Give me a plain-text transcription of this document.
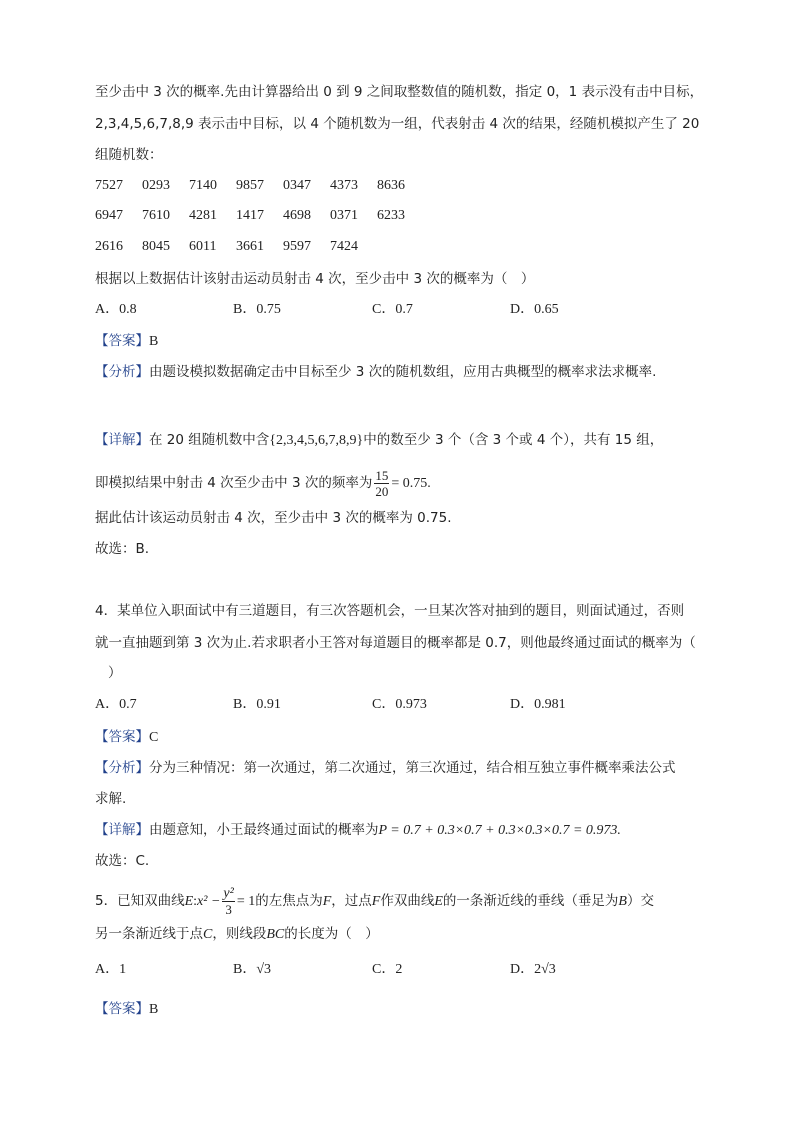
至少击中 3 次的概率.先由计算器给出 0 到 9 之间取整数值的随机数，指定 0，1 表示没有击中目标，
2,3,4,5,6,7,8,9 表示击中目标，以 4 个随机数为一组，代表射击 4 次的结果，经随机模拟产生了 20
组随机数：
7527 0293 7140 9857 0347 4373 8636
6947 7610 4281 1417 4698 0371 6233
2616 8045 6011 3661 9597 7424
根据以上数据估计该射击运动员射击 4 次，至少击中 3 次的概率为（　）
A．0.8	B．0.75	C．0.7	D．0.65
【答案】B
【分析】由题设模拟数据确定击中目标至少 3 次的随机数组，应用古典概型的概率求法求概率.
【详解】在 20 组随机数中含{2,3,4,5,6,7,8,9}中的数至少 3 个（含 3 个或 4 个），共有 15 组，
即模拟结果中射击 4 次至少击中 3 次的频率为 $\frac{15}{20} = 0.75$.
据此估计该运动员射击 4 次，至少击中 3 次的概率为 0.75.
故选：B.
4．某单位入职面试中有三道题目，有三次答题机会，一旦某次答对抽到的题目，则面试通过，否则
就一直抽题到第 3 次为止.若求职者小王答对每道题目的概率都是 0.7，则他最终通过面试的概率为（
）
A．0.7	B．0.91	C．0.973	D．0.981
【答案】C
【分析】分为三种情况：第一次通过，第二次通过，第三次通过，结合相互独立事件概率乘法公式
求解.
【详解】由题意知，小王最终通过面试的概率为P = 0.7 + 0.3×0.7 + 0.3×0.3×0.7 = 0.973.
故选：C.
5．已知双曲线E:x² − $\frac{\text{y²}}{3} = 1$的左焦点为F，过点F作双曲线E的一条渐近线的垂线（垂足为B）交
另一条渐近线于点C，则线段BC的长度为（　）
A．1	B．√3	C．2	D．2√3
【答案】B
